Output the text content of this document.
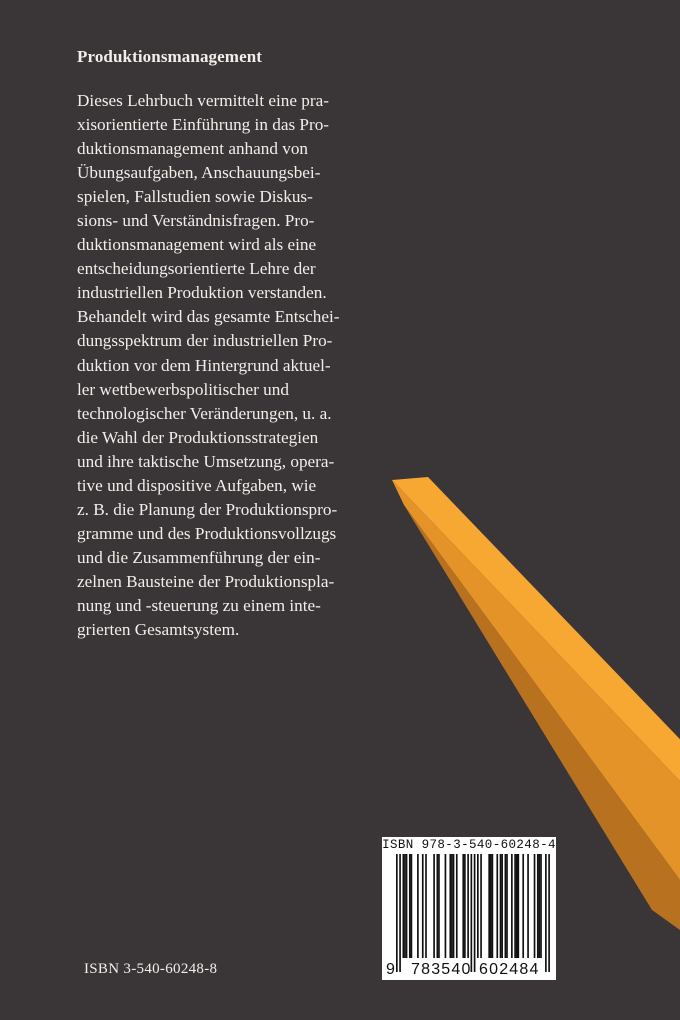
Produktionsmanagement

Dieses Lehrbuch vermittelt eine pra-
xisorientierte Einführung in das Pro-
duktionsmanagement anhand von
Übungsaufgaben, Anschauungsbei-
spielen, Fallstudien sowie Diskus-
sions- und Verständnisfragen. Pro-
duktionsmanagement wird als eine
entscheidungsorientierte Lehre der
industriellen Produktion verstanden.
Behandelt wird das gesamte Entschei-
dungsspektrum der industriellen Pro-
duktion vor dem Hintergrund aktuel-
ler wettbewerbspolitischer und
technologischer Veränderungen, u. a.
die Wahl der Produktionsstrategien
und ihre taktische Umsetzung, opera-
tive und dispositive Aufgaben, wie
z. B. die Planung der Produktionspro-
gramme und des Produktionsvollzugs
und die Zusammenführung der ein-
zelnen Bausteine der Produktionspla-
nung und -steuerung zu einem inte-
grierten Gesamtsystem.

ISBN 3-540-60248-8
ISBN 978-3-540-60248-4
9 783540 602484
